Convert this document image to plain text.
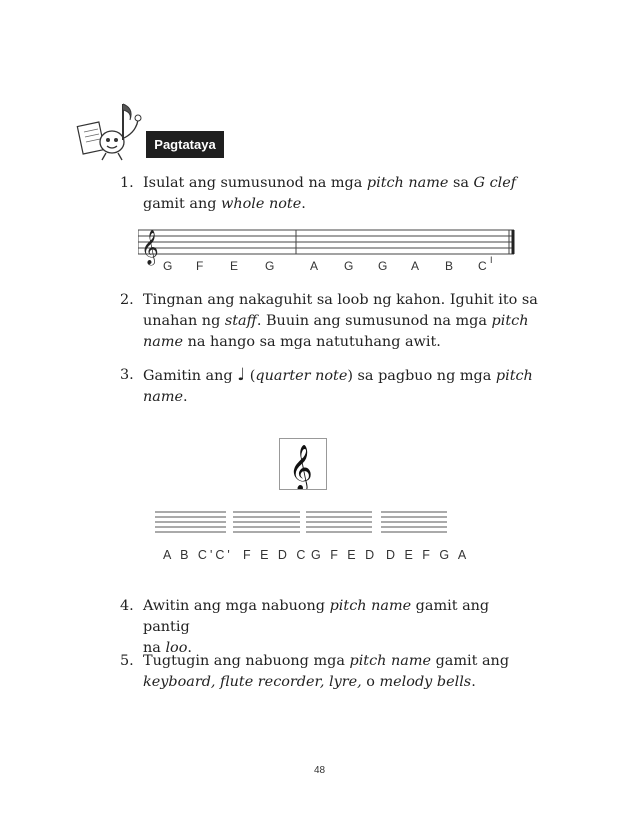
Pagtataya
1. Isulat ang sumusunod na mga pitch name sa G clef
gamit ang whole note.
𝄞
G F E G	A G G A B C I
2. Tingnan ang nakaguhit sa loob ng kahon. Iguhit ito sa
unahan ng staff. Buuin ang sumusunod na mga pitch
name na hango sa mga natutuhang awit.
3. Gamitin ang ♩ (quarter note) sa pagbuo ng mga pitch
name.
𝄞
A B C'C' F E D C G F E D D E F G A
4. Awitin ang mga nabuong pitch name gamit ang pantig
na loo.
5. Tugtugin ang nabuong mga pitch name gamit ang
keyboard, flute recorder, lyre, o melody bells.
48
